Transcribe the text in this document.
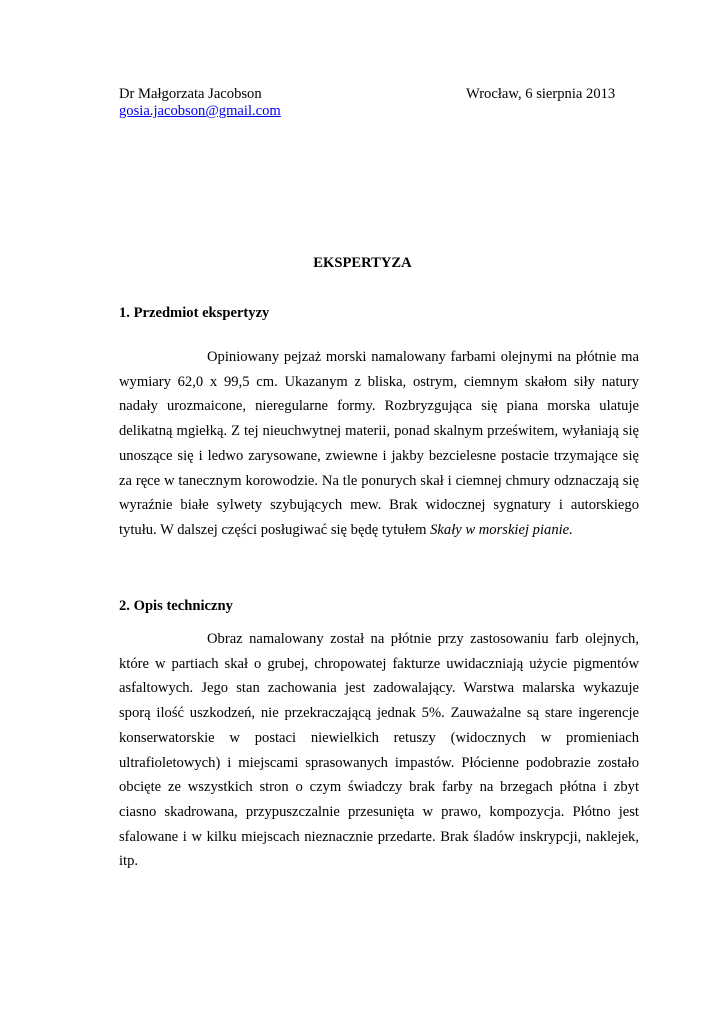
Dr Małgorzata Jacobson
gosia.jacobson@gmail.com
Wrocław, 6 sierpnia 2013
EKSPERTYZA
1. Przedmiot ekspertyzy
Opiniowany pejzaż morski namalowany farbami olejnymi na płótnie ma
wymiary 62,0 x 99,5 cm. Ukazanym z bliska, ostrym, ciemnym skałom siły natury
nadały urozmaicone, nieregularne formy. Rozbryzgująca się piana morska ulatuje
delikatną mgiełką. Z tej nieuchwytnej materii, ponad skalnym prześwitem, wyłaniają się
unoszące się i ledwo zarysowane, zwiewne i jakby bezcielesne postacie trzymające się
za ręce w tanecznym korowodzie. Na tle ponurych skał i ciemnej chmury odznaczają się
wyraźnie białe sylwety szybujących mew. Brak widocznej sygnatury i autorskiego
tytułu. W dalszej części posługiwać się będę tytułem Skały w morskiej pianie.
2. Opis techniczny
Obraz namalowany został na płótnie przy zastosowaniu farb olejnych,
które w partiach skał o grubej, chropowatej fakturze uwidaczniają użycie pigmentów
asfaltowych. Jego stan zachowania jest zadowalający. Warstwa malarska wykazuje
sporą ilość uszkodzeń, nie przekraczającą jednak 5%. Zauważalne są stare ingerencje
konserwatorskie w postaci niewielkich retuszy (widocznych w promieniach
ultrafioletowych) i miejscami sprasowanych impastów. Płócienne podobrazie zostało
obcięte ze wszystkich stron o czym świadczy brak farby na brzegach płótna i zbyt
ciasno skadrowana, przypuszczalnie przesunięta w prawo, kompozycja. Płótno jest
sfalowane i w kilku miejscach nieznacznie przedarte. Brak śladów inskrypcji, naklejek,
itp.
